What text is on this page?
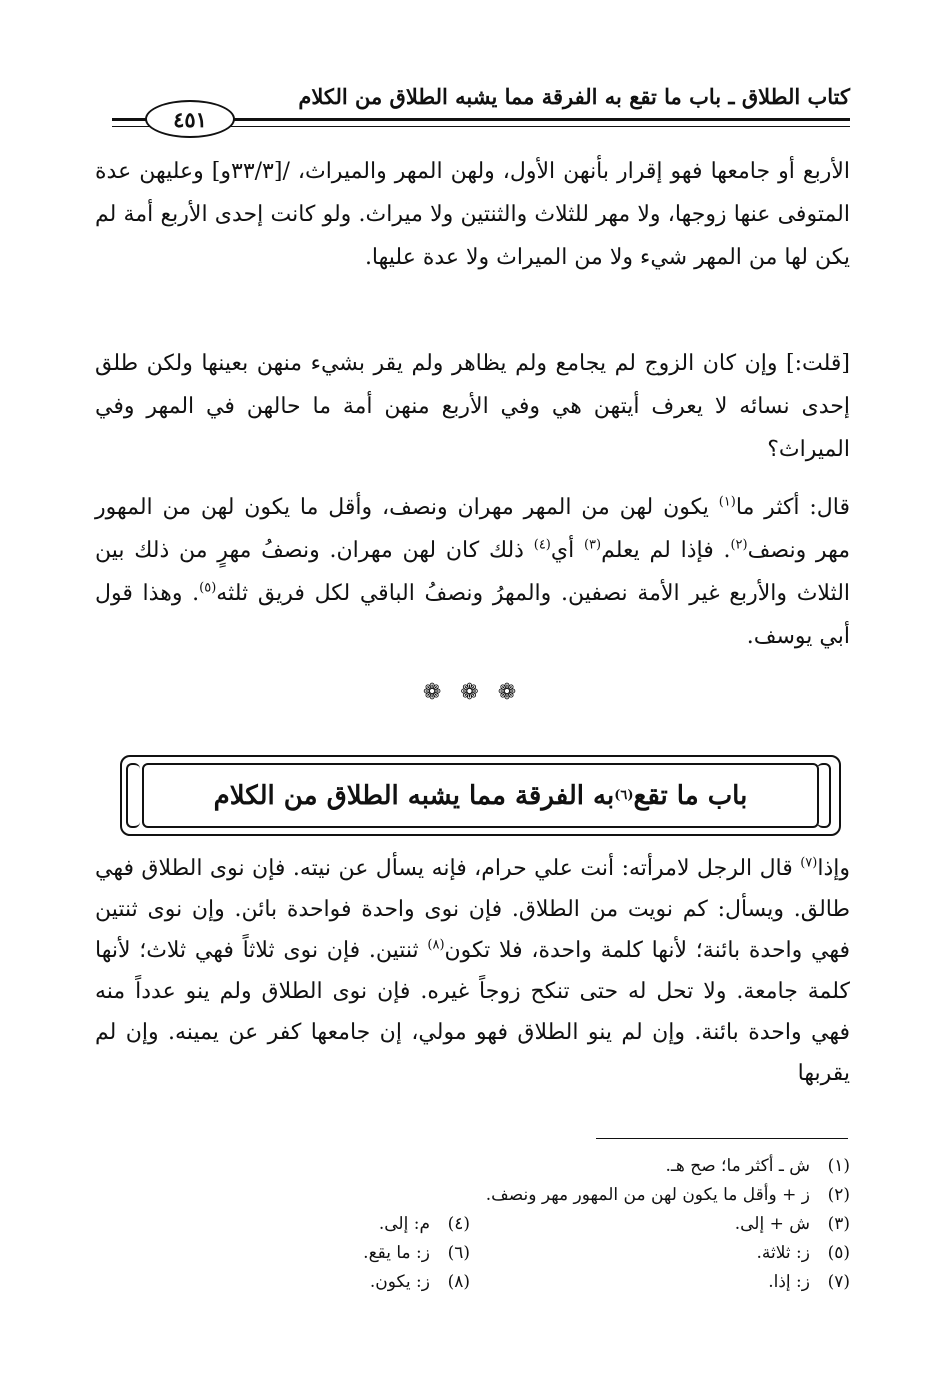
كتاب الطلاق ـ باب ما تقع به الفرقة مما يشبه الطلاق من الكلام
٤٥١
الأربع أو جامعها فهو إقرار بأنهن الأول، ولهن المهر والميراث، /[٣٣/٣و] وعليهن عدة المتوفى عنها زوجها، ولا مهر للثلاث والثنتين ولا ميراث. ولو كانت إحدى الأربع أمة لم يكن لها من المهر شيء ولا من الميراث ولا عدة عليها.
[قلت:] وإن كان الزوج لم يجامع ولم يظاهر ولم يقر بشيء منهن بعينها ولكن طلق إحدى نسائه لا يعرف أيتهن هي وفي الأربع منهن أمة ما حالهن في المهر وفي الميراث؟
قال: أكثر ما$^{(١)}$ يكون لهن من المهر مهران ونصف، وأقل ما يكون لهن من المهور مهر ونصف$^{(٢)}$. فإذا لم يعلم$^{(٣)}$ أي$^{(٤)}$ ذلك كان لهن مهران. ونصفُ مهرٍ من ذلك بين الثلاث والأربع غير الأمة نصفين. والمهرُ ونصفُ الباقي لكل فريق ثلثه$^{(٥)}$. وهذا قول أبي يوسف.
❁ ❁ ❁
باب ما تقع
(٦)
به الفرقة مما يشبه الطلاق من الكلام
وإذا$^{(٧)}$ قال الرجل لامرأته: أنت علي حرام، فإنه يسأل عن نيته. فإن نوى الطلاق فهي طالق. ويسأل: كم نويت من الطلاق. فإن نوى واحدة فواحدة بائن. وإن نوى ثنتين فهي واحدة بائنة؛ لأنها كلمة واحدة، فلا تكون$^{(٨)}$ ثنتين. فإن نوى ثلاثاً فهي ثلاث؛ لأنها كلمة جامعة. ولا تحل له حتى تنكح زوجاً غيره. فإن نوى الطلاق ولم ينو عدداً منه فهي واحدة بائنة. وإن لم ينو الطلاق فهو مولي، إن جامعها كفر عن يمينه. وإن لم يقربها
(١)
ش ـ أكثر ما؛ صح هـ.
(٢)
ز + وأقل ما يكون لهن من المهور مهر ونصف.
(٣)
ش + إلى.
(٤)
م: إلى.
(٥)
ز: ثلاثة.
(٦)
ز: ما يقع.
(٧)
ز: إذا.
(٨)
ز: يكون.
